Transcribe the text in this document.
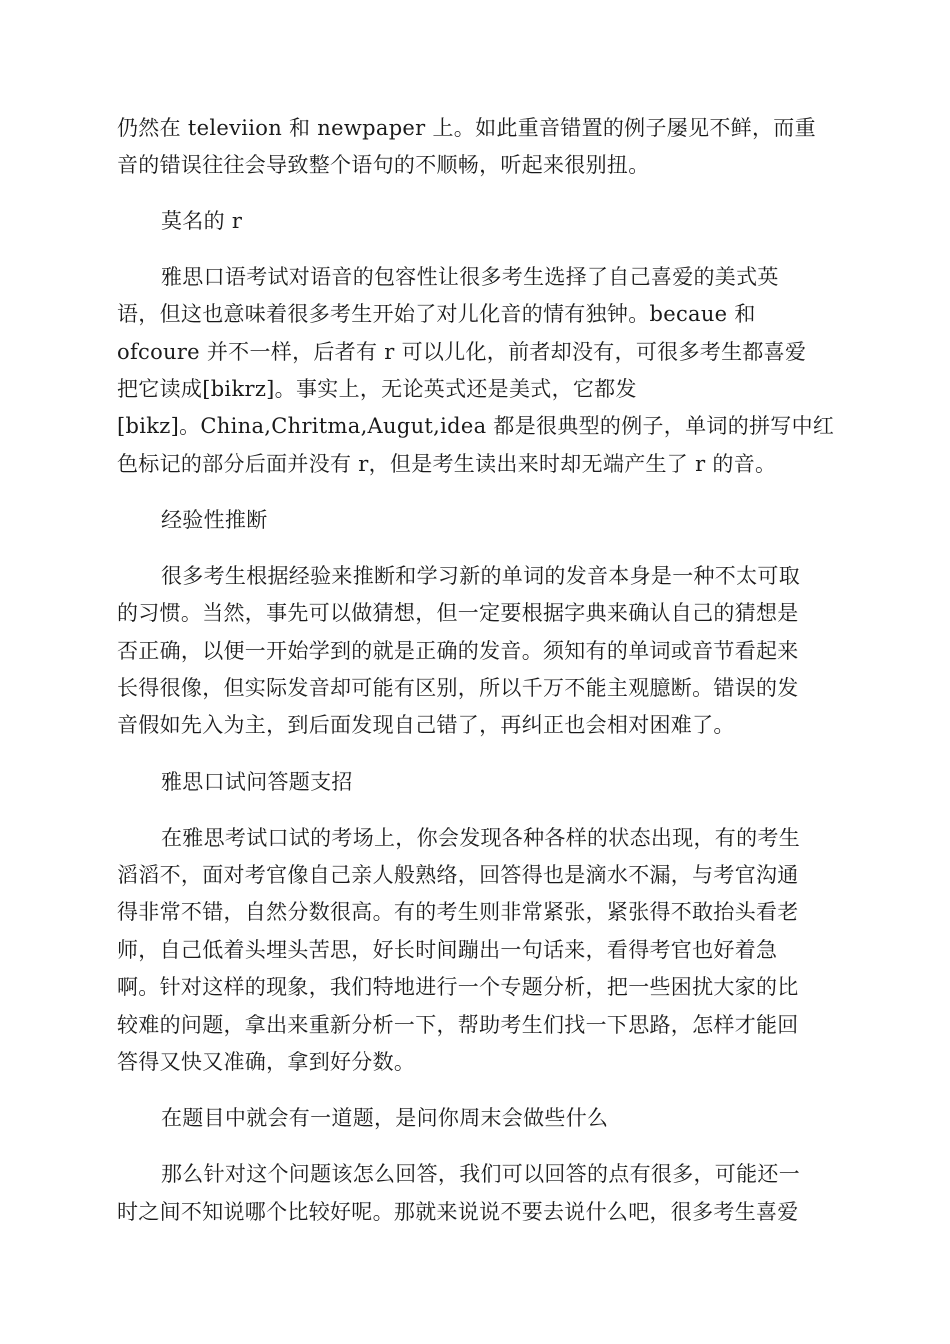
仍然在 televiion 和 newpaper 上。如此重音错置的例子屡见不鲜，而重
音的错误往往会导致整个语句的不顺畅，听起来很别扭。
莫名的 r
雅思口语考试对语音的包容性让很多考生选择了自己喜爱的美式英
语，但这也意味着很多考生开始了对儿化音的情有独钟。becaue 和
ofcoure 并不一样，后者有 r 可以儿化，前者却没有，可很多考生都喜爱
把它读成[bikrz]。事实上，无论英式还是美式，它都发
[bikz]。China,Chritma,Augut,idea 都是很典型的例子，单词的拼写中红
色标记的部分后面并没有 r，但是考生读出来时却无端产生了 r 的音。
经验性推断
很多考生根据经验来推断和学习新的单词的发音本身是一种不太可取
的习惯。当然，事先可以做猜想，但一定要根据字典来确认自己的猜想是
否正确，以便一开始学到的就是正确的发音。须知有的单词或音节看起来
长得很像，但实际发音却可能有区别，所以千万不能主观臆断。错误的发
音假如先入为主，到后面发现自己错了，再纠正也会相对困难了。
雅思口试问答题支招
在雅思考试口试的考场上，你会发现各种各样的状态出现，有的考生
滔滔不，面对考官像自己亲人般熟络，回答得也是滴水不漏，与考官沟通
得非常不错，自然分数很高。有的考生则非常紧张，紧张得不敢抬头看老
师，自己低着头埋头苦思，好长时间蹦出一句话来，看得考官也好着急
啊。针对这样的现象，我们特地进行一个专题分析，把一些困扰大家的比
较难的问题，拿出来重新分析一下，帮助考生们找一下思路，怎样才能回
答得又快又准确，拿到好分数。
在题目中就会有一道题，是问你周末会做些什么
那么针对这个问题该怎么回答，我们可以回答的点有很多，可能还一
时之间不知说哪个比较好呢。那就来说说不要去说什么吧，很多考生喜爱
